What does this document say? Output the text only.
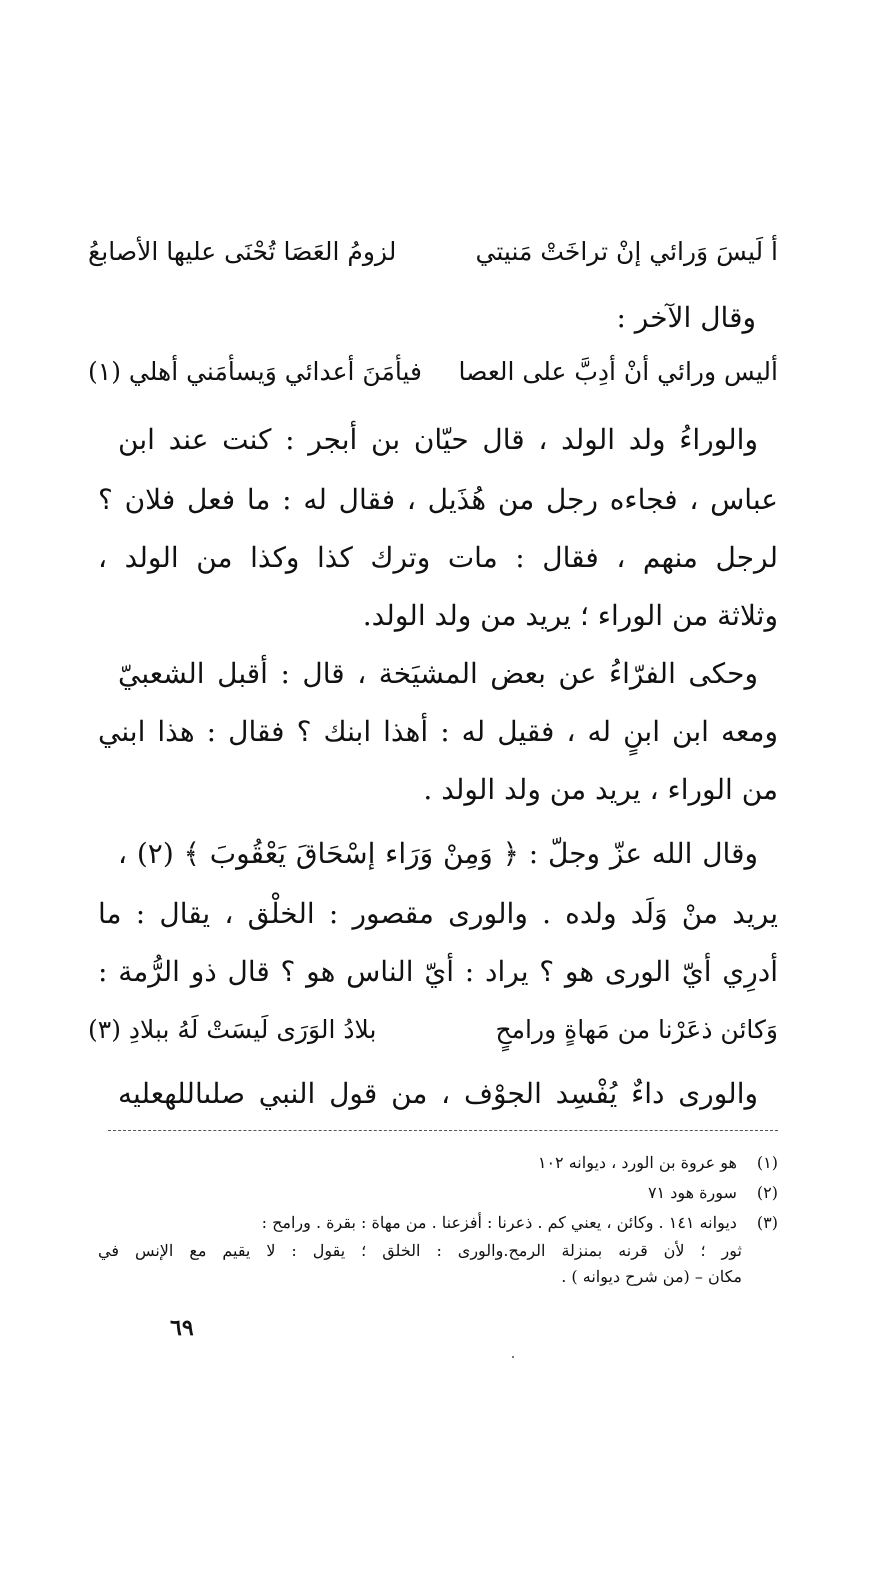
أ لَيسَ وَرائي إنْ تراخَتْ مَنيتي
لزومُ العَصَا تُحْنَى عليها الأصابعُ
وقال الآخر :
أليس ورائي أنْ أدِبَّ على العصا
فيأمَنَ أعدائي وَيسأمَني أهلي (١)
والوراءُ ولد الولد ، قال حيّان بن أبجر : كنت عند ابن
عباس ، فجاءه رجل من هُذَيل ، فقال له : ما فعل فلان ؟
لرجل منهم ، فقال : مات وترك كذا وكذا من الولد ،
وثلاثة من الوراء ؛ يريد من ولد الولد.
وحكى الفرّاءُ عن بعض المشيَخة ، قال : أقبل الشعبيّ
ومعه ابن ابنٍ له ، فقيل له : أهذا ابنك ؟ فقال : هذا ابني
من الوراء ، يريد من ولد الولد .
وقال الله عزّ وجلّ : ﴿ وَمِنْ وَرَاء إسْحَاقَ يَعْقُوبَ ﴾ (٢) ،
يريد منْ وَلَد ولده . والورى مقصور : الخلْق ، يقال : ما
أدرِي أيّ الورى هو ؟ يراد : أيّ الناس هو ؟ قال ذو الرُّمة :
وَكائن ذعَرْنا من مَهاةٍ ورامحٍ
بلادُ الوَرَى لَيسَتْ لَهُ ببلادِ (٣)
والورى داءٌ يُفْسِد الجوْف ، من قول النبي صلىاللهعليه
(١) هو عروة بن الورد ، ديوانه ١٠٢
(٢) سورة هود ٧١
(٣) ديوانه ١٤١ . وكائن ، يعني كم . ذعرنا : أفزعنا . من مهاة : بقرة . ورامح :
ثور ؛ لأن قرنه بمنزلة الرمح.والورى : الخلق ؛ يقول : لا يقيم مع الإنس في
مكان – (من شرح ديوانه ) .
٦٩
